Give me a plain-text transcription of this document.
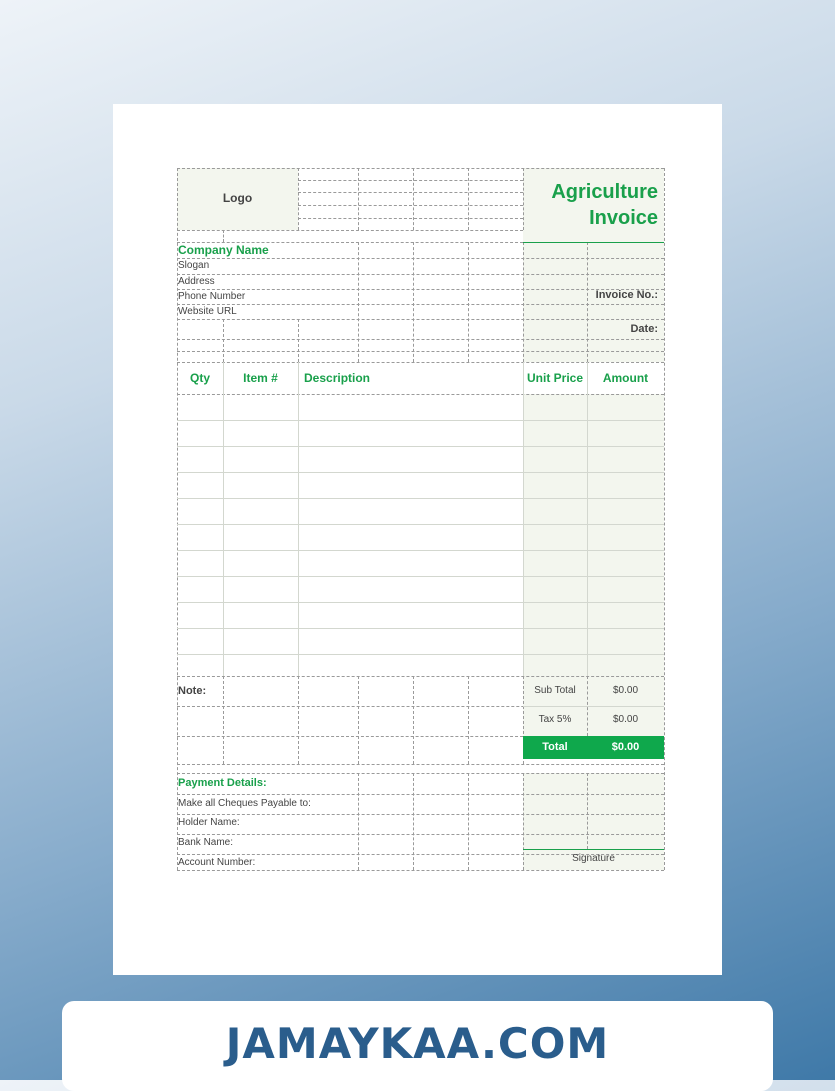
Logo	Agriculture
Invoice
Company Name
Slogan
Address
Phone Number
Website URL
Invoice No.:
Date:
Qty	Item #	Description	Unit Price	Amount
Note:	Sub Total	$0.00
Tax 5%	$0.00
Total	$0.00
Payment Details:
Make all Cheques Payable to:
Holder Name:
Bank Name:
Account Number:	Signature
JAMAYKAA.COM
